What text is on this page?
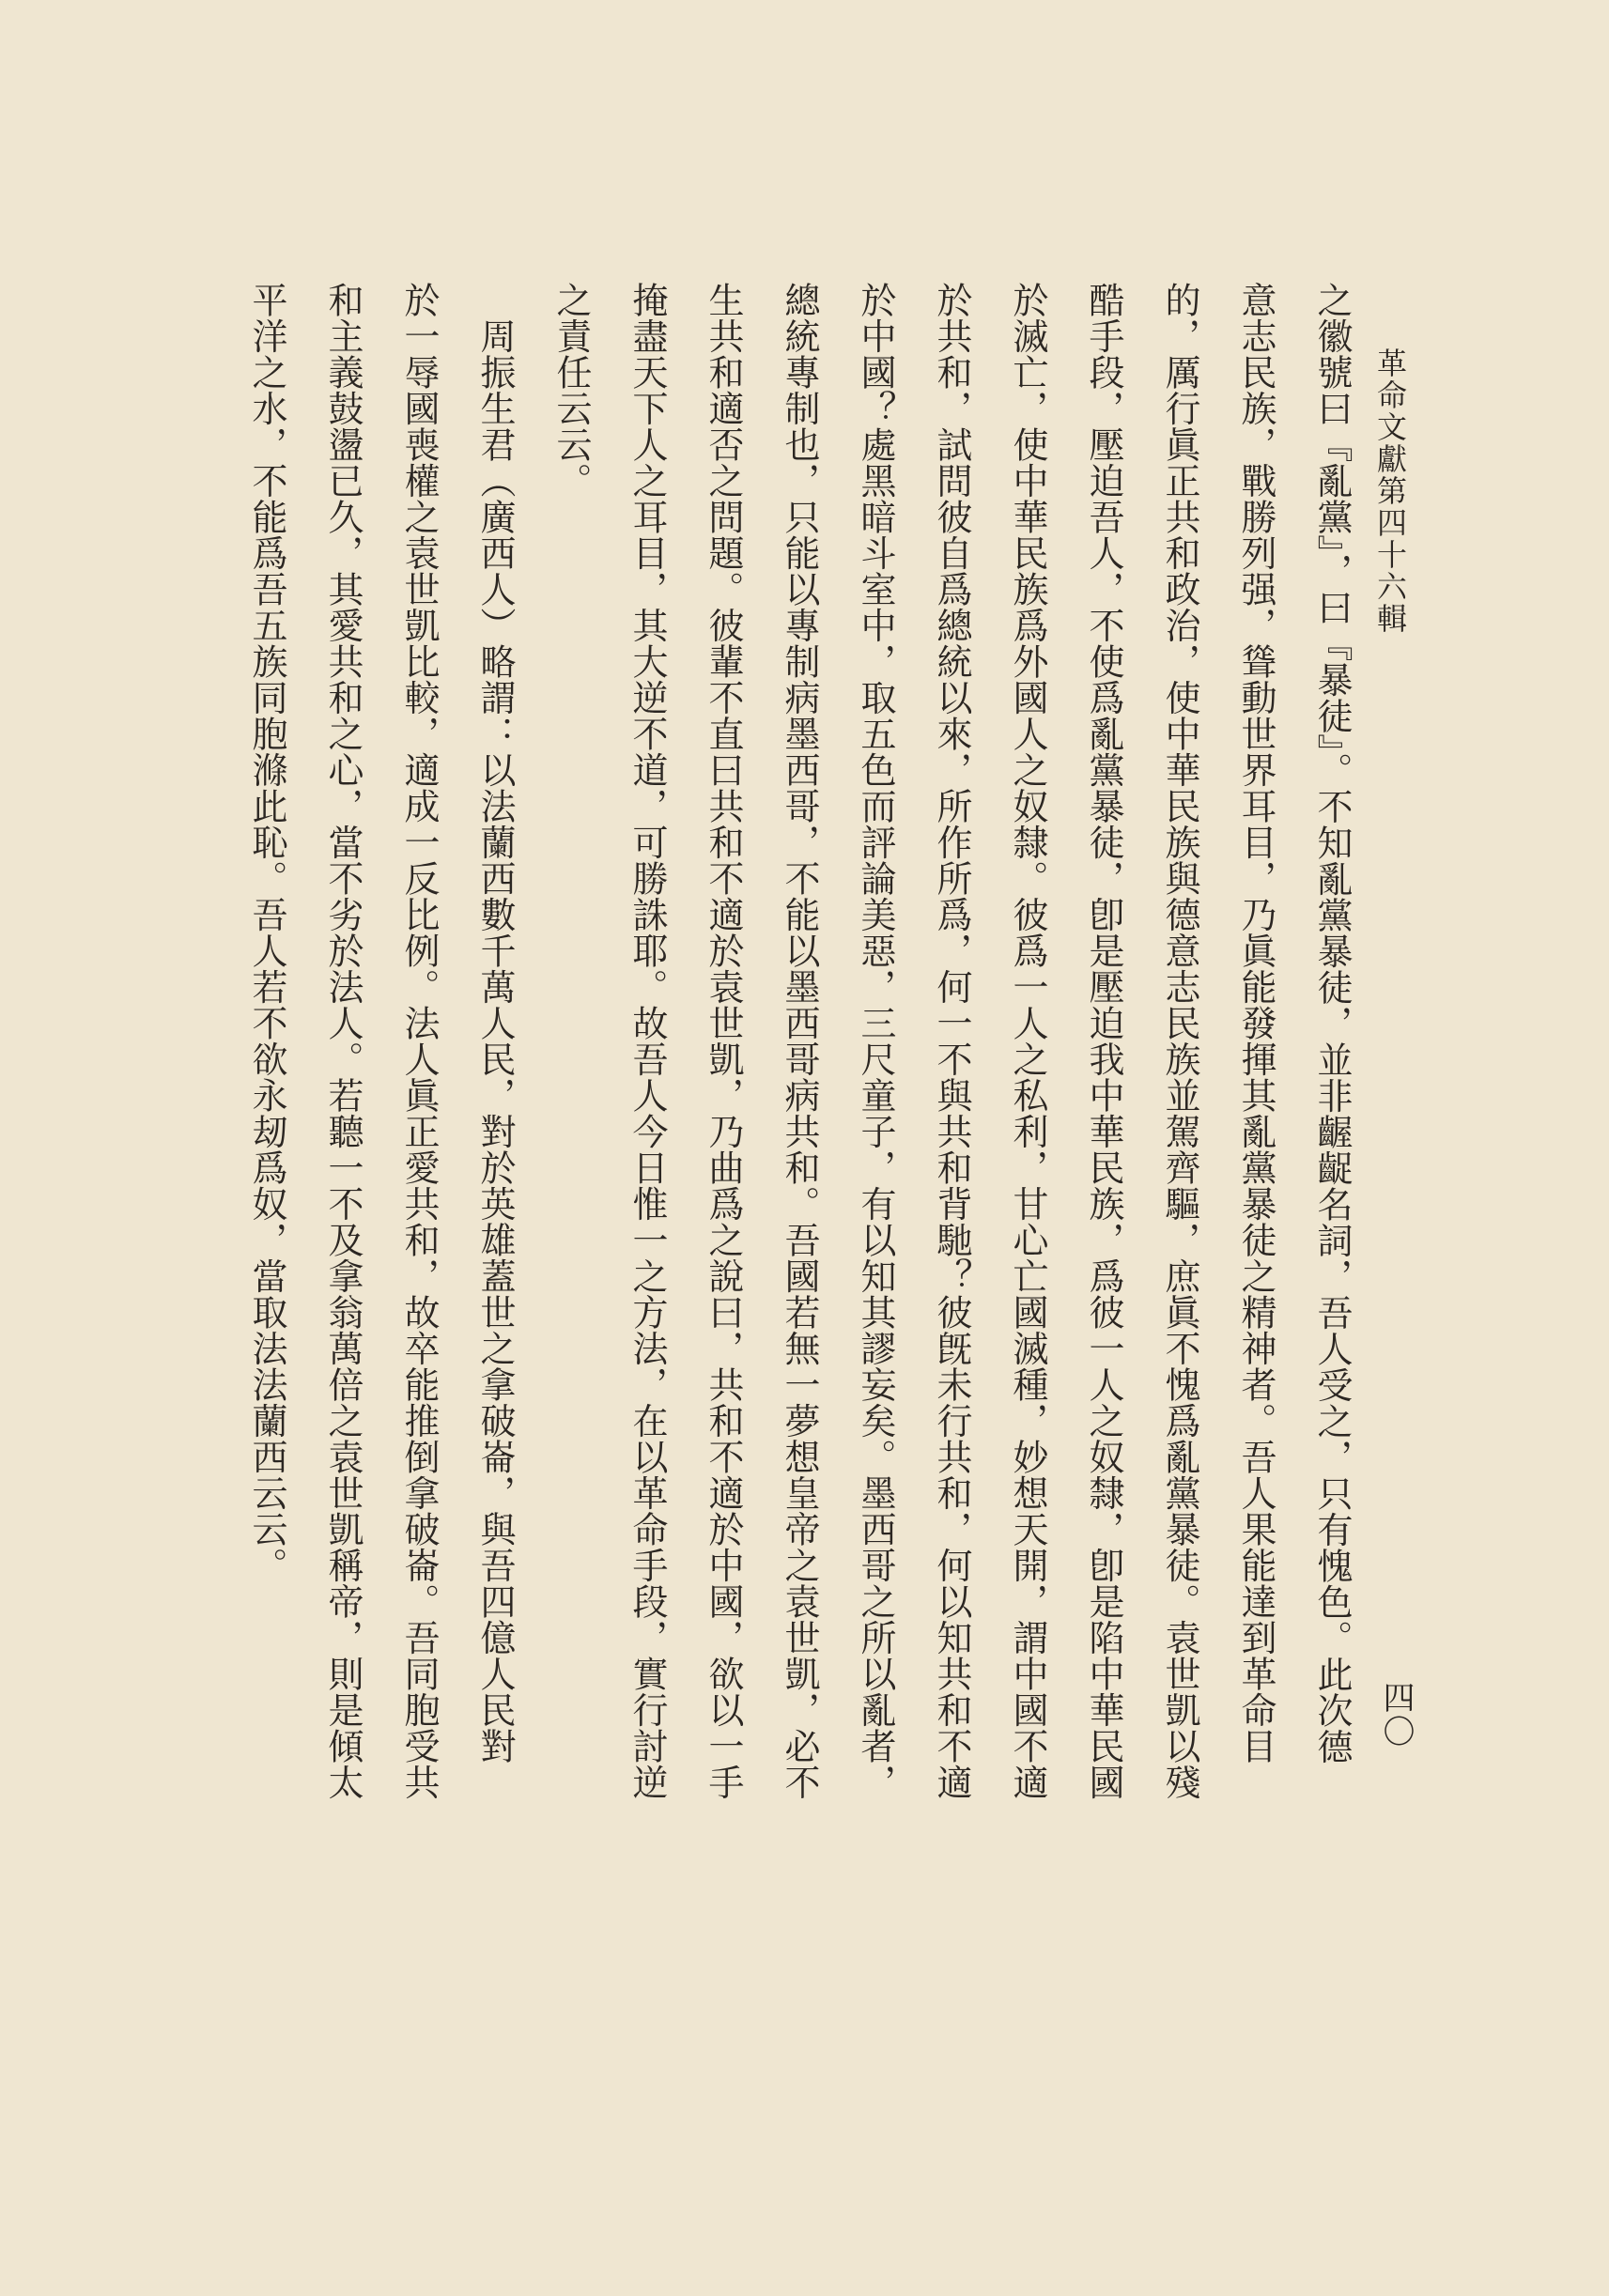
革命文獻第四十六輯
四〇
之徽號曰『亂黨』，曰『暴徒』。不知亂黨暴徒，並非齷齪名詞，吾人受之，只有愧色。此次德
意志民族，戰勝列强，聳動世界耳目，乃眞能發揮其亂黨暴徒之精神者。吾人果能達到革命目
的，厲行眞正共和政治，使中華民族與德意志民族並駕齊驅，庶眞不愧爲亂黨暴徒。袁世凱以殘
酷手段，壓迫吾人，不使爲亂黨暴徒，卽是壓迫我中華民族，爲彼一人之奴隸，卽是陷中華民國
於滅亡，使中華民族爲外國人之奴隸。彼爲一人之私利，甘心亡國滅種，妙想天開，謂中國不適
於共和，試問彼自爲總統以來，所作所爲，何一不與共和背馳？彼旣未行共和，何以知共和不適
於中國？處黑暗斗室中，取五色而評論美惡，三尺童子，有以知其謬妄矣。墨西哥之所以亂者，
總統專制也，只能以專制病墨西哥，不能以墨西哥病共和。吾國若無一夢想皇帝之袁世凱，必不
生共和適否之問題。彼輩不直曰共和不適於袁世凱，乃曲爲之說曰，共和不適於中國，欲以一手
掩盡天下人之耳目，其大逆不道，可勝誅耶。故吾人今日惟一之方法，在以革命手段，實行討逆
之責任云云。
　周振生君（廣西人）略謂：以法蘭西數千萬人民，對於英雄蓋世之拿破崙，與吾四億人民對
於一辱國喪權之袁世凱比較，適成一反比例。法人眞正愛共和，故卒能推倒拿破崙。吾同胞受共
和主義鼓盪已久，其愛共和之心，當不劣於法人。若聽一不及拿翁萬倍之袁世凱稱帝，則是傾太
平洋之水，不能爲吾五族同胞滌此恥。吾人若不欲永刼爲奴，當取法法蘭西云云。
